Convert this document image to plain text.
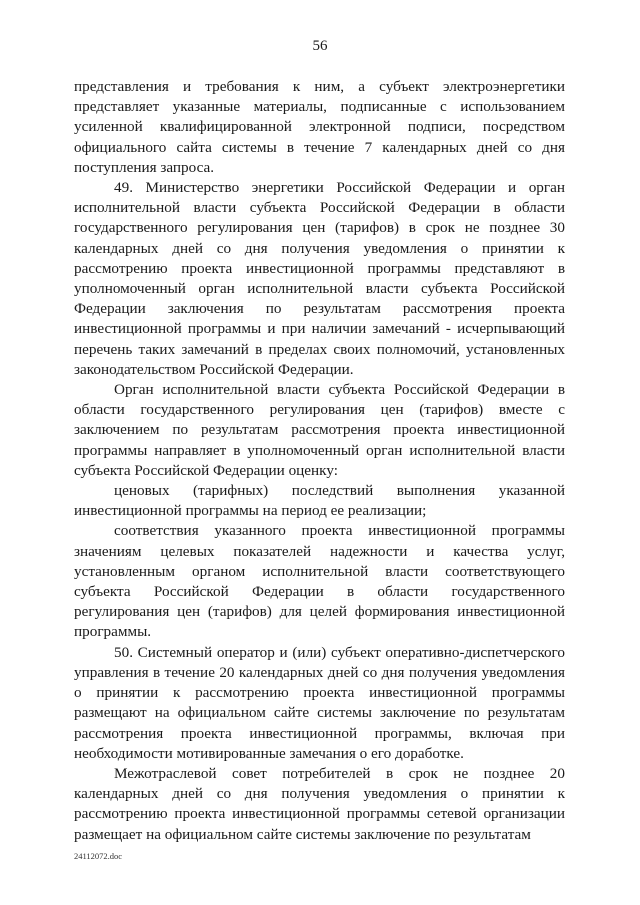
56

представления и требования к ним, а субъект электроэнергетики представляет указанные материалы, подписанные с использованием усиленной квалифицированной электронной подписи, посредством официального сайта системы в течение 7 календарных дней со дня поступления запроса.

49. Министерство энергетики Российской Федерации и орган исполнительной власти субъекта Российской Федерации в области государственного регулирования цен (тарифов) в срок не позднее 30 календарных дней со дня получения уведомления о принятии к рассмотрению проекта инвестиционной программы представляют в уполномоченный орган исполнительной власти субъекта Российской Федерации заключения по результатам рассмотрения проекта инвестиционной программы и при наличии замечаний - исчерпывающий перечень таких замечаний в пределах своих полномочий, установленных законодательством Российской Федерации.

Орган исполнительной власти субъекта Российской Федерации в области государственного регулирования цен (тарифов) вместе с заключением по результатам рассмотрения проекта инвестиционной программы направляет в уполномоченный орган исполнительной власти субъекта Российской Федерации оценку:

ценовых (тарифных) последствий выполнения указанной инвестиционной программы на период ее реализации;

соответствия указанного проекта инвестиционной программы значениям целевых показателей надежности и качества услуг, установленным органом исполнительной власти соответствующего субъекта Российской Федерации в области государственного регулирования цен (тарифов) для целей формирования инвестиционной программы.

50. Системный оператор и (или) субъект оперативно-диспетчерского управления в течение 20 календарных дней со дня получения уведомления о принятии к рассмотрению проекта инвестиционной программы размещают на официальном сайте системы заключение по результатам рассмотрения проекта инвестиционной программы, включая при необходимости мотивированные замечания о его доработке.

Межотраслевой совет потребителей в срок не позднее 20 календарных дней со дня получения уведомления о принятии к рассмотрению проекта инвестиционной программы сетевой организации размещает на официальном сайте системы заключение по результатам

24112072.doc
